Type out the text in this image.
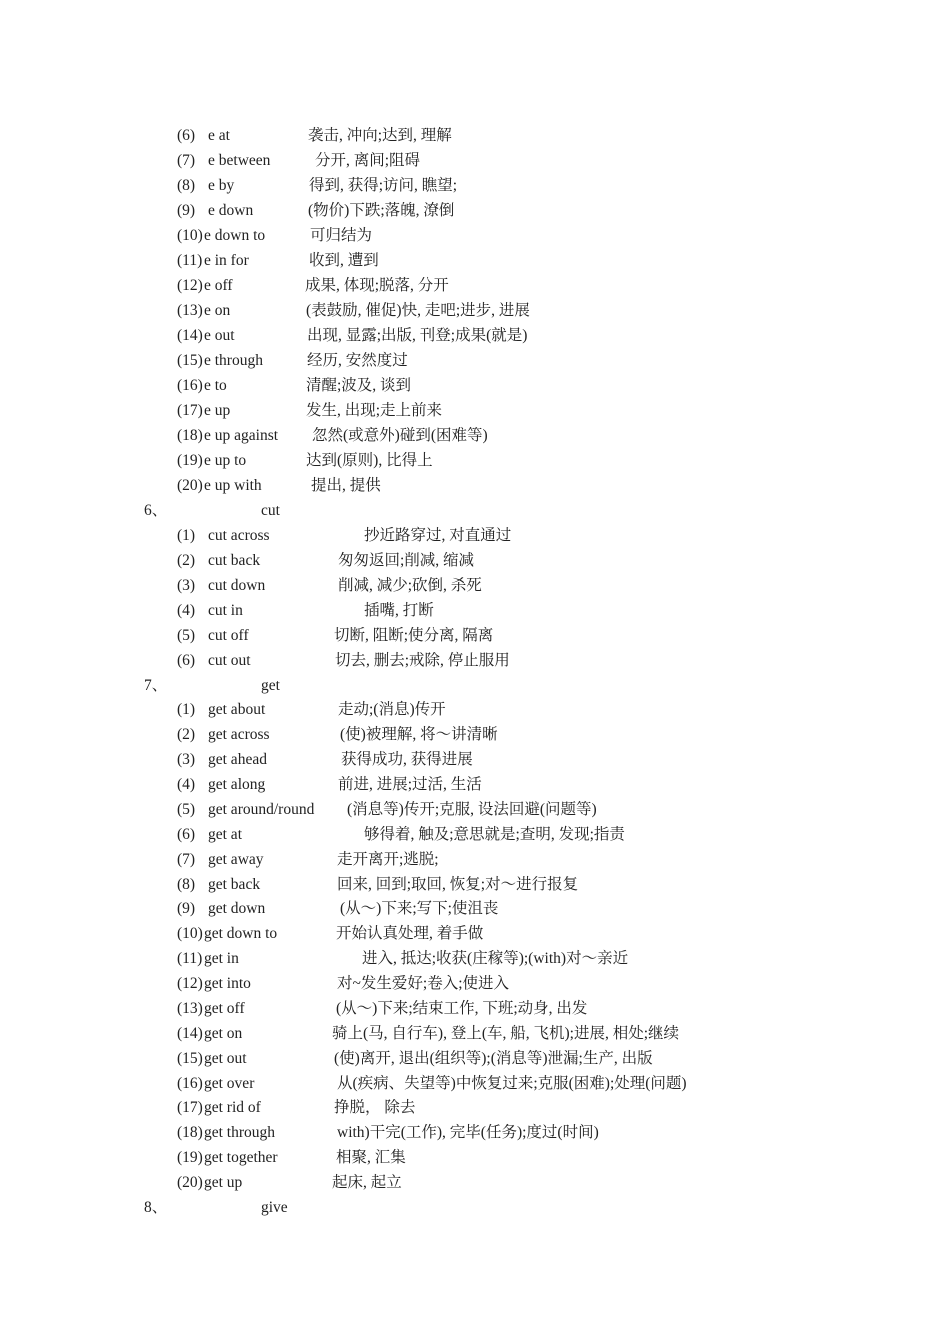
(6) e at	袭击, 冲向;达到, 理解
(7) e between	分开, 离间;阻碍
(8) e by	得到, 获得;访问, 瞧望;
(9) e down	(物价)下跌;落魄, 潦倒
(10) e down to	可归结为
(11) e in for	收到, 遭到
(12) e off	成果, 体现;脱落, 分开
(13) e on	(表鼓励, 催促)快, 走吧;进步, 进展
(14) e out	出现, 显露;出版, 刊登;成果(就是)
(15) e through	经历, 安然度过
(16) e to	清醒;波及, 谈到
(17) e up	发生, 出现;走上前来
(18) e up against 忽然(或意外)碰到(困难等)
(19) e up to	达到(原则), 比得上
(20) e up with	提出, 提供
6、	cut
(1) cut across	抄近路穿过, 对直通过
(2) cut back	匆匆返回;削减, 缩减
(3) cut down	削减, 减少;砍倒, 杀死
(4) cut in	插嘴, 打断
(5) cut off	切断, 阻断;使分离, 隔离
(6) cut out	切去, 删去;戒除, 停止服用
7、	get
(1) get about	走动;(消息)传开
(2) get across	(使)被理解, 将～讲清晰
(3) get ahead	获得成功, 获得进展
(4) get along	前进, 进展;过活, 生活
(5) get around/round (消息等)传开;克服, 设法回避(问题等)
(6) get at	够得着, 触及;意思就是;查明, 发现;指责
(7) get away	走开离开;逃脱;
(8) get back	回来, 回到;取回, 恢复;对～进行报复
(9) get down	(从～)下来;写下;使沮丧
(10) get down to	开始认真处理, 着手做
(11) get in	进入, 抵达;收获(庄稼等);(with)对～亲近
(12) get into	对~发生爱好;卷入;使进入
(13) get off	(从～)下来;结束工作, 下班;动身, 出发
(14) get on	骑上(马, 自行车), 登上(车, 船, 飞机);进展, 相处;继续
(15) get out	(使)离开, 退出(组织等);(消息等)泄漏;生产, 出版
(16) get over	从(疾病、失望等)中恢复过来;克服(困难);处理(问题)
(17) get rid of	挣脱， 除去
(18) get through	with)干完(工作), 完毕(任务);度过(时间)
(19) get together	相聚, 汇集
(20) get up	起床, 起立
8、	give
